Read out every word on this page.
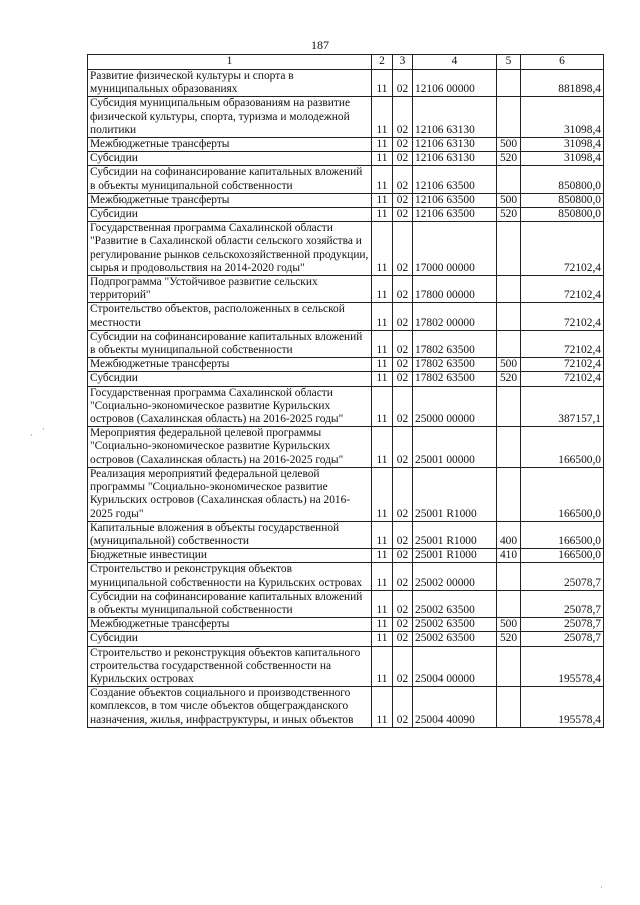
187
1	2	3	4	5	6
Развитие физической культуры и спорта в муниципальных образованиях	11	02	12106 00000		881898,4
Субсидия муниципальным образованиям на развитие физической культуры, спорта, туризма и молодежной политики	11	02	12106 63130		31098,4
Межбюджетные трансферты	11	02	12106 63130	500	31098,4
Субсидии	11	02	12106 63130	520	31098,4
Субсидии на софинансирование капитальных вложений в объекты муниципальной собственности	11	02	12106 63500		850800,0
Межбюджетные трансферты	11	02	12106 63500	500	850800,0
Субсидии	11	02	12106 63500	520	850800,0
Государственная программа Сахалинской области "Развитие в Сахалинской области сельского хозяйства и регулирование рынков сельскохозяйственной продукции, сырья и продовольствия на 2014-2020 годы"	11	02	17000 00000		72102,4
Подпрограмма "Устойчивое развитие сельских территорий"	11	02	17800 00000		72102,4
Строительство объектов, расположенных в сельской местности	11	02	17802 00000		72102,4
Субсидии на софинансирование капитальных вложений в объекты муниципальной собственности	11	02	17802 63500		72102,4
Межбюджетные трансферты	11	02	17802 63500	500	72102,4
Субсидии	11	02	17802 63500	520	72102,4
Государственная программа Сахалинской области "Социально-экономическое развитие Курильских островов (Сахалинская область) на 2016-2025 годы"	11	02	25000 00000		387157,1
Мероприятия федеральной целевой программы "Социально-экономическое развитие Курильских островов (Сахалинская область) на 2016-2025 годы"	11	02	25001 00000		166500,0
Реализация мероприятий федеральной целевой программы "Социально-экономическое развитие Курильских островов (Сахалинская область) на 2016-2025 годы"	11	02	25001 R1000		166500,0
Капитальные вложения в объекты государственной (муниципальной) собственности	11	02	25001 R1000	400	166500,0
Бюджетные инвестиции	11	02	25001 R1000	410	166500,0
Строительство и реконструкция объектов муниципальной собственности на Курильских островах	11	02	25002 00000		25078,7
Субсидии на софинансирование капитальных вложений в объекты муниципальной собственности	11	02	25002 63500		25078,7
Межбюджетные трансферты	11	02	25002 63500	500	25078,7
Субсидии	11	02	25002 63500	520	25078,7
Строительство и реконструкция объектов капитального строительства государственной собственности на Курильских островах	11	02	25004 00000		195578,4
Создание объектов социального и производственного комплексов, в том числе объектов общегражданского назначения, жилья, инфраструктуры, и иных объектов	11	02	25004 40090		195578,4
·
·
·
